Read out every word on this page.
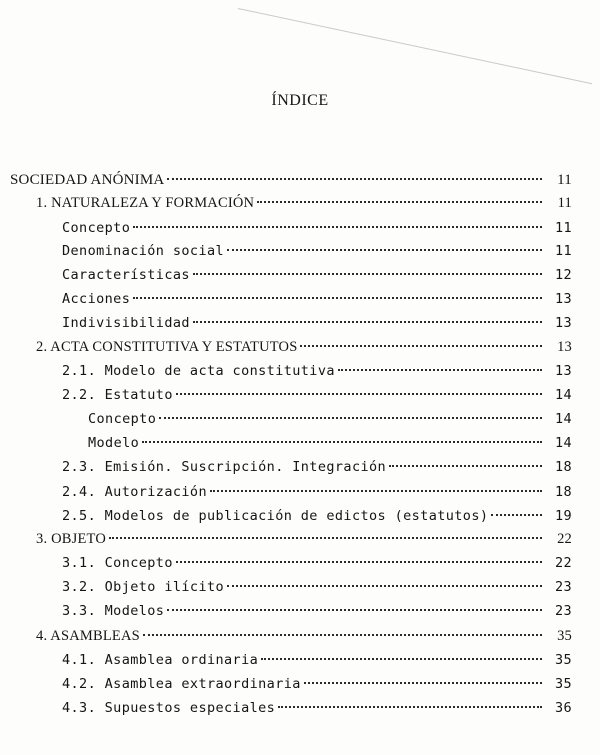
ÍNDICE
SOCIEDAD ANÓNIMA	11
1. NATURALEZA Y FORMACIÓN	11
Concepto	11
Denominación social	11
Características	12
Acciones	13
Indivisibilidad	13
2. ACTA CONSTITUTIVA Y ESTATUTOS	13
2.1. Modelo de acta constitutiva	13
2.2. Estatuto	14
Concepto	14
Modelo	14
2.3. Emisión. Suscripción. Integración	18
2.4. Autorización	18
2.5. Modelos de publicación de edictos (estatutos)	19
3. OBJETO	22
3.1. Concepto	22
3.2. Objeto ilícito	23
3.3. Modelos	23
4. ASAMBLEAS	35
4.1. Asamblea ordinaria	35
4.2. Asamblea extraordinaria	35
4.3. Supuestos especiales	36
